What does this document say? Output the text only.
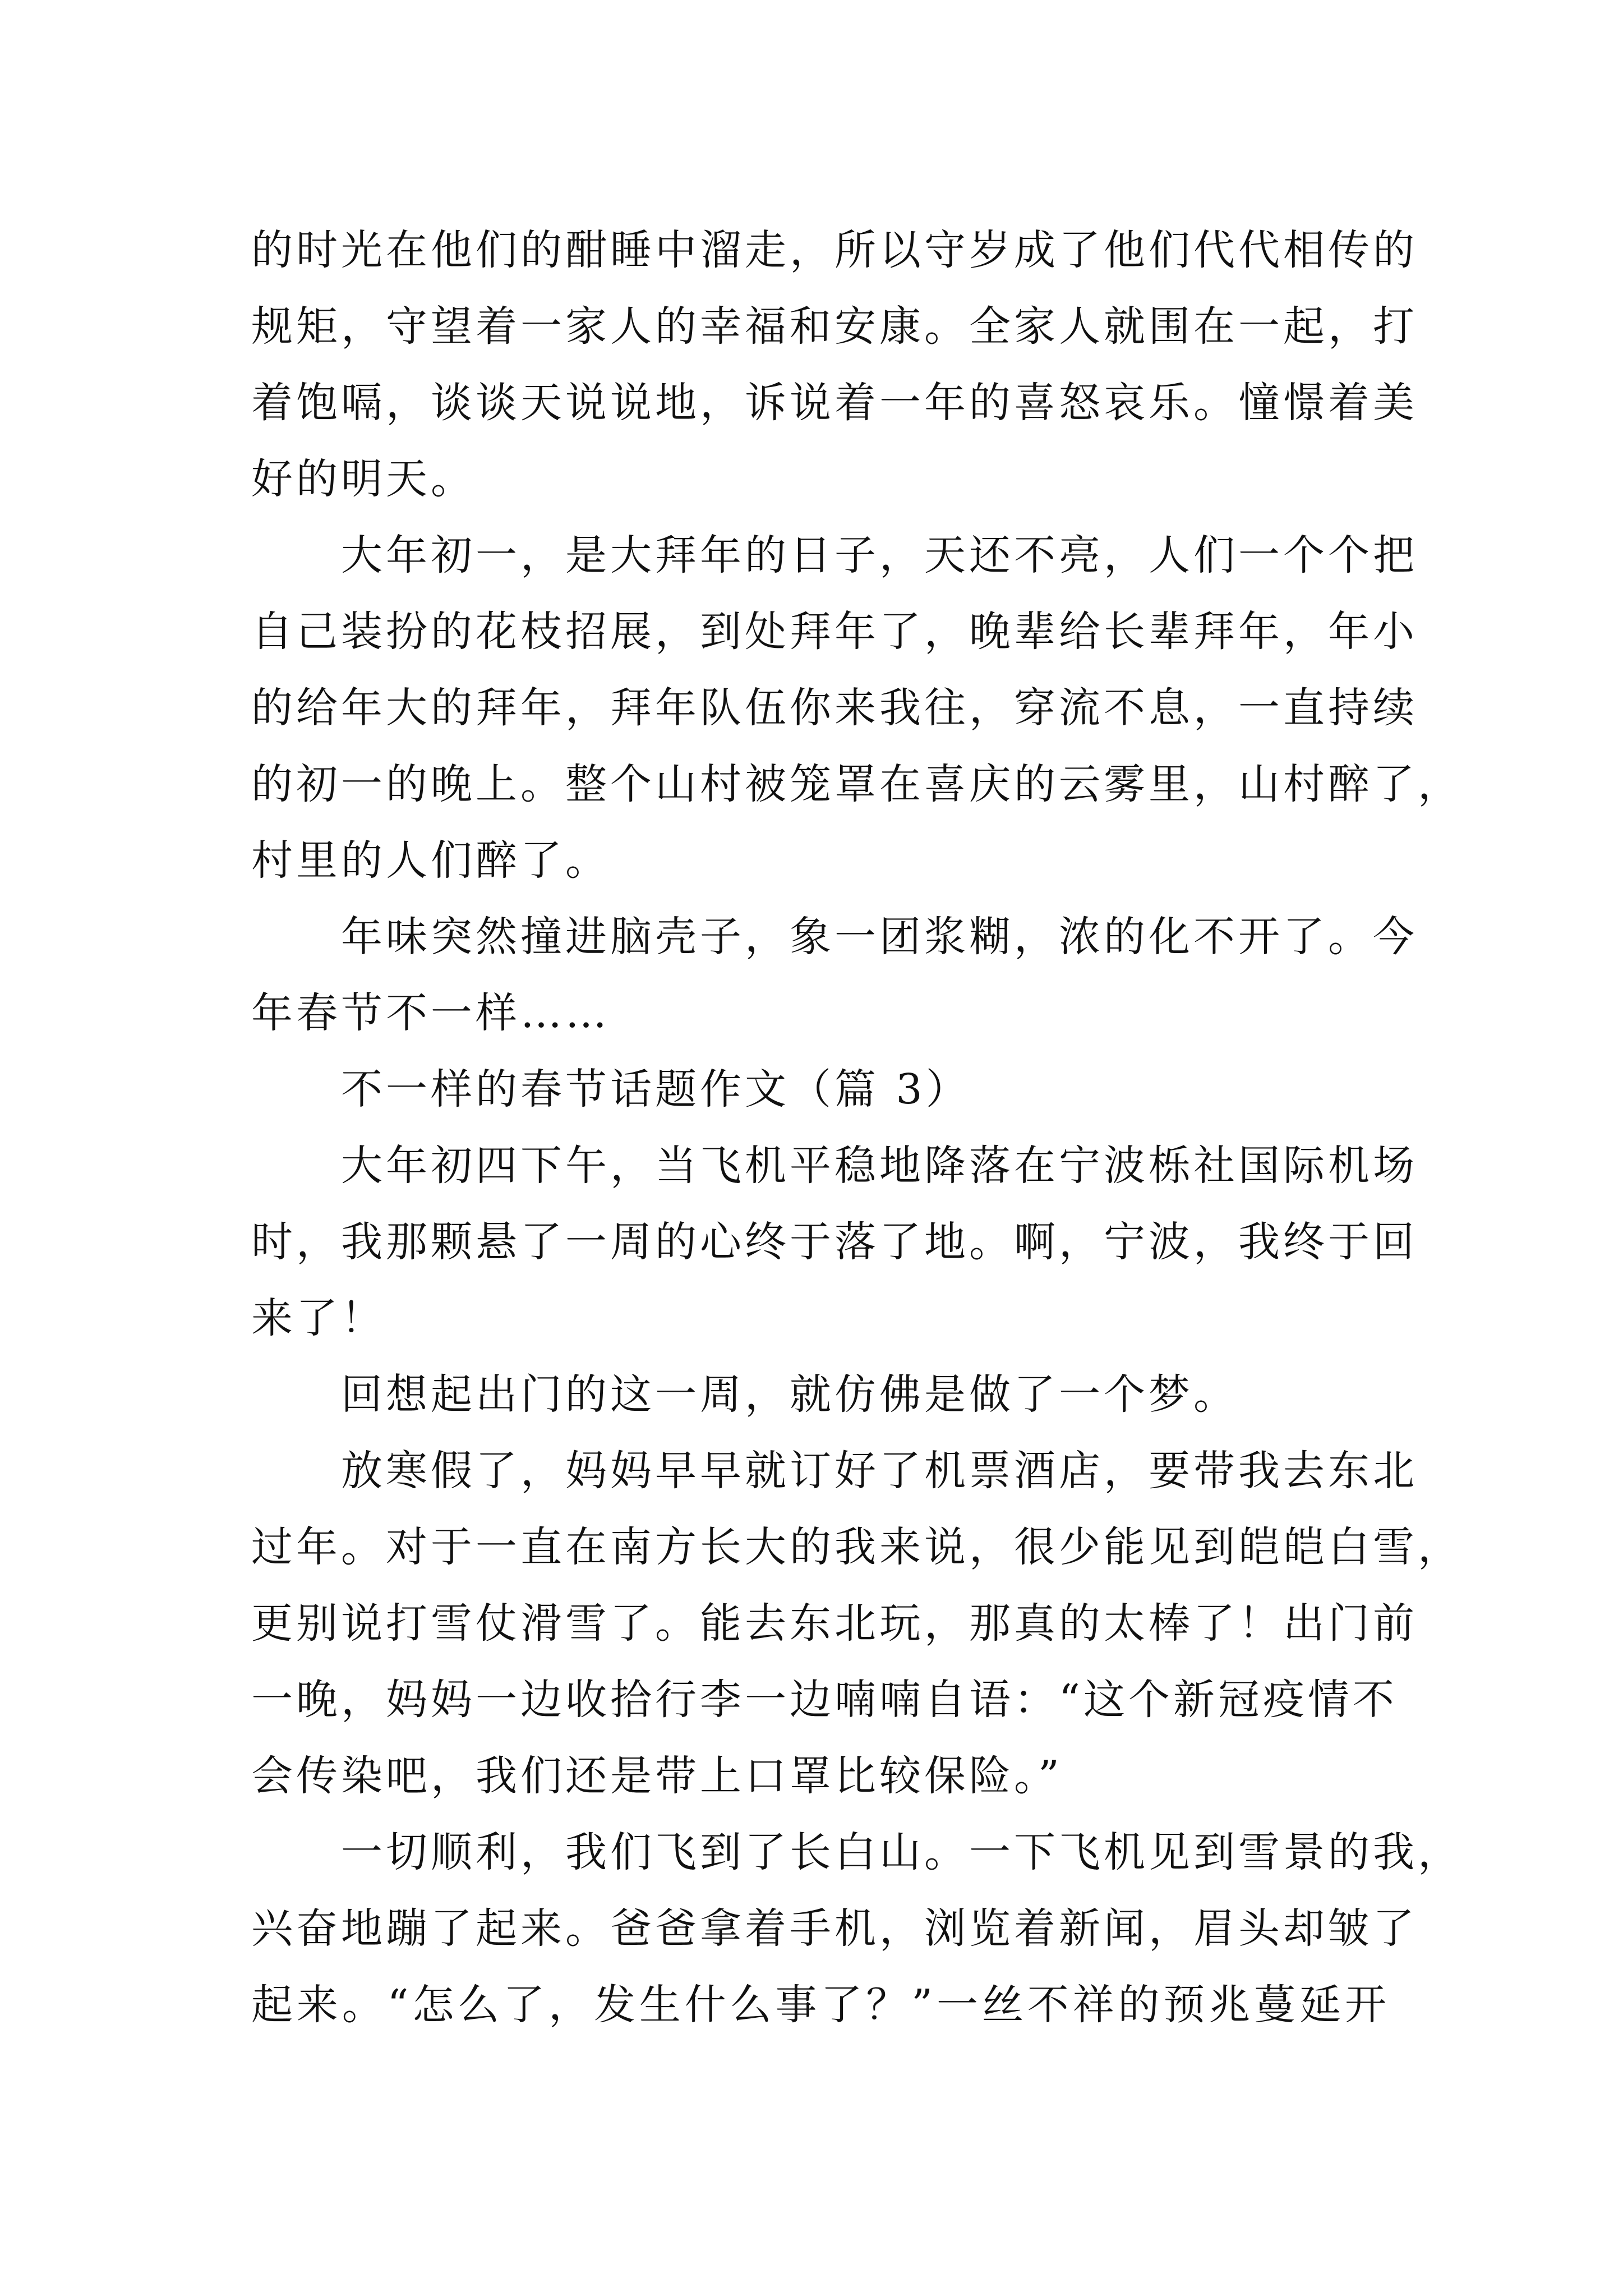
的时光在他们的酣睡中溜走，所以守岁成了他们代代相传的
规矩，守望着一家人的幸福和安康。全家人就围在一起，打
着饱嗝，谈谈天说说地，诉说着一年的喜怒哀乐。憧憬着美
好的明天。
大年初一，是大拜年的日子，天还不亮，人们一个个把
自己装扮的花枝招展，到处拜年了，晚辈给长辈拜年，年小
的给年大的拜年，拜年队伍你来我往，穿流不息，一直持续
的初一的晚上。整个山村被笼罩在喜庆的云雾里，山村醉了，
村里的人们醉了。
年味突然撞进脑壳子，象一团浆糊，浓的化不开了。今
年春节不一样……
不一样的春节话题作文（篇 3）
大年初四下午，当飞机平稳地降落在宁波栎社国际机场
时，我那颗悬了一周的心终于落了地。啊，宁波，我终于回
来了！
回想起出门的这一周，就仿佛是做了一个梦。
放寒假了，妈妈早早就订好了机票酒店，要带我去东北
过年。对于一直在南方长大的我来说，很少能见到皑皑白雪，
更别说打雪仗滑雪了。能去东北玩，那真的太棒了！出门前
一晚，妈妈一边收拾行李一边喃喃自语：“这个新冠疫情不
会传染吧，我们还是带上口罩比较保险。”
一切顺利，我们飞到了长白山。一下飞机见到雪景的我，
兴奋地蹦了起来。爸爸拿着手机，浏览着新闻，眉头却皱了
起来。“怎么了，发生什么事了？”一丝不祥的预兆蔓延开
